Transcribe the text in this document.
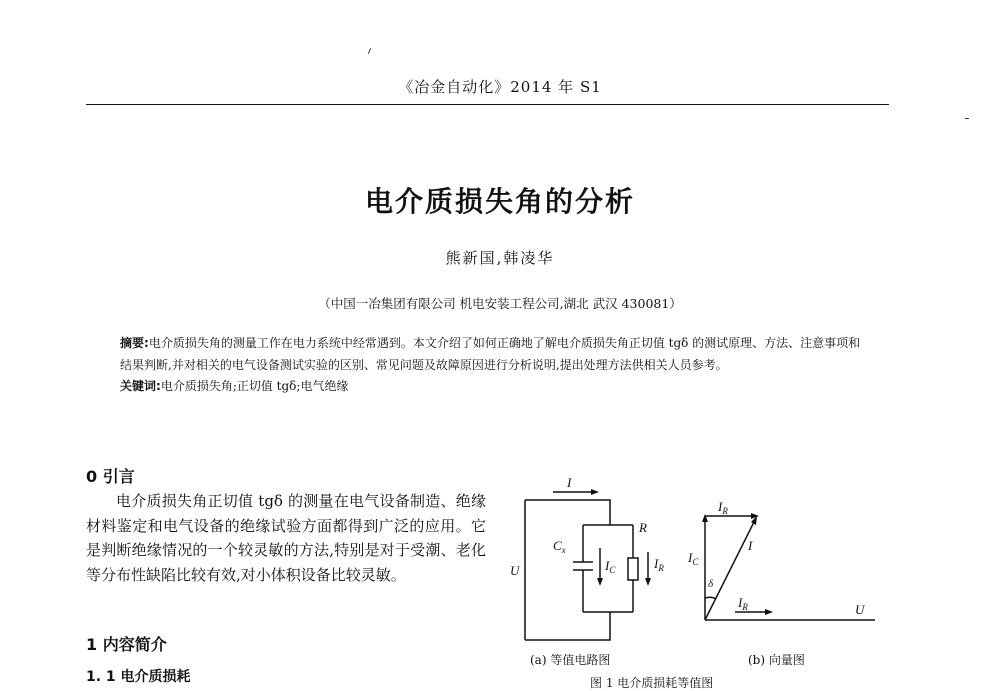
《冶金自动化》2014 年 S1
电介质损失角的分析
熊新国,韩凌华
（中国一冶集团有限公司 机电安装工程公司,湖北 武汉 430081）

摘要:电介质损失角的测量工作在电力系统中经常遇到。本文介绍了如何正确地了解电介质损失角正切值 tgδ 的测试原理、方法、注意事项和结果判断,并对相关的电气设备测试实验的区别、常见问题及故障原因进行分析说明,提出处理方法供相关人员参考。

关键词:电介质损失角;正切值 tgδ;电气绝缘

0 引言

电介质损失角正切值 tgδ 的测量在电气设备制造、绝缘材料鉴定和电气设备的绝缘试验方面都得到广泛的应用。它是判断绝缘情况的一个较灵敏的方法,特别是对于受潮、老化等分布性缺陷比较有效,对小体积设备比较灵敏。

1 内容简介
1. 1 电介质损耗
I
$C_x$
R
U	$I_C$	$I_R$
$I_R$
$I_C$
I
δ
$I_R$	U
(a) 等值电路图	(b) 向量图
图 1 电介质损耗等值图
